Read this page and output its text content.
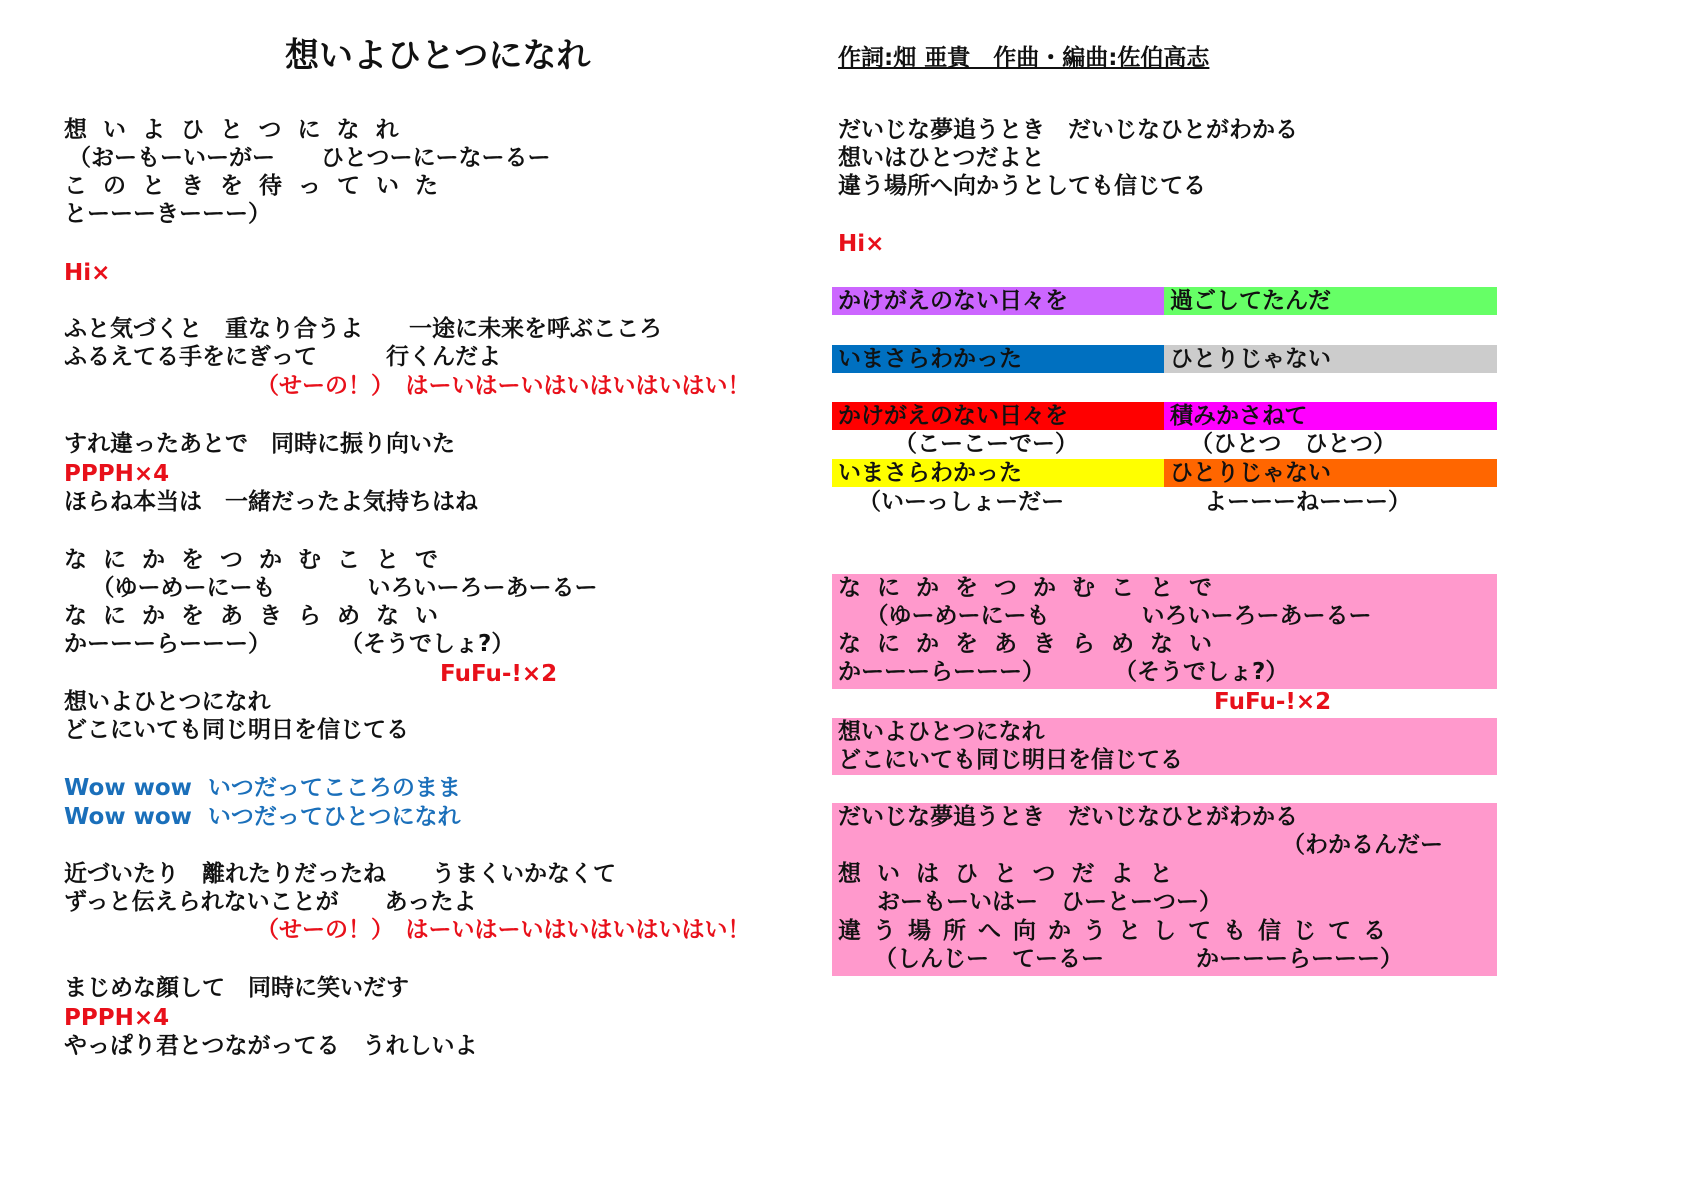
想いよひとつになれ	作詞:畑 亜貴　作曲・編曲:佐伯高志
想いよひとつになれ
（おーもーいーがー　　ひとつーにーなーるー
このときを待っていた
とーーーきーーー）
Hi×
ふと気づくと　重なり合うよ　　一途に未来を呼ぶこころ
ふるえてる手をにぎって　　　行くんだよ
（せーの！）　はーいはーいはいはいはいはい！
すれ違ったあとで　同時に振り向いた
PPPH×4
ほらね本当は　一緒だったよ気持ちはね
なにかをつかむことで
　（ゆーめーにーも　　　　いろいーろーあーるー
なにかをあきらめない
かーーーらーーー）　　　　（そうでしょ?）
FuFu-!×2
想いよひとつになれ
どこにいても同じ明日を信じてる
Wow wow  いつだってこころのまま
Wow wow  いつだってひとつになれ
近づいたり　離れたりだったね　　うまくいかなくて
ずっと伝えられないことが　　あったよ
（せーの！）　はーいはーいはいはいはいはい！
まじめな顔して　同時に笑いだす
PPPH×4
やっぱり君とつながってる　うれしいよ
だいじな夢追うとき　だいじなひとがわかる
想いはひとつだよと
違う場所へ向かうとしても信じてる
Hi×
かけがえのない日々を	過ごしてたんだ
いまさらわかった	ひとりじゃない
かけがえのない日々を	積みかさねて
（こーこーでー）	（ひとつ　ひとつ）
いまさらわかった	ひとりじゃない
（いーっしょーだー	よーーーねーーー）
なにかをつかむことで
　（ゆーめーにーも　　　　いろいーろーあーるー
なにかをあきらめない
かーーーらーーー）　　　　（そうでしょ?）
FuFu-!×2
想いよひとつになれ
どこにいても同じ明日を信じてる
だいじな夢追うとき　だいじなひとがわかる
（わかるんだー
想いはひとつだよと
　おーもーいはー　ひーとーつー）
違う場所へ向かうとしても信じてる
（しんじー　てーるー　　　　かーーーらーーー）
